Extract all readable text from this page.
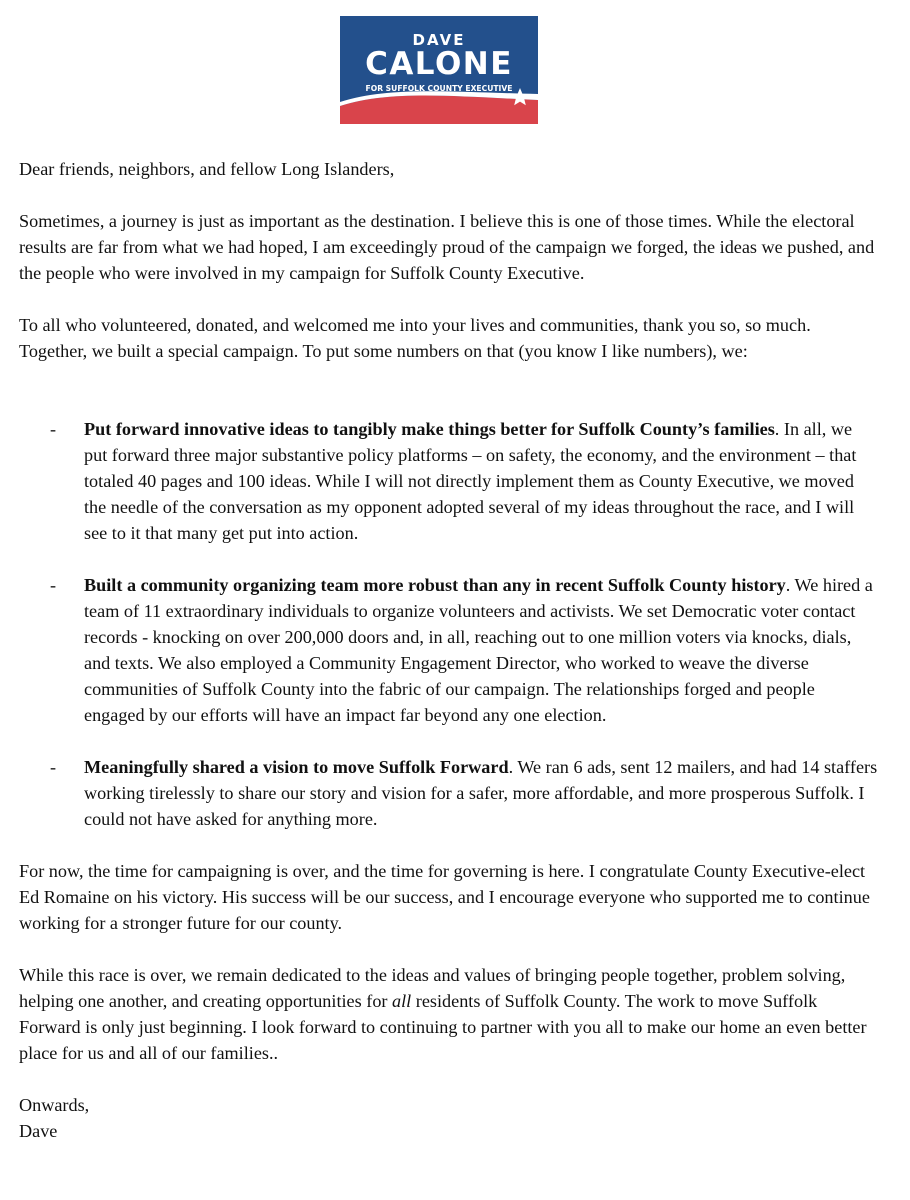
DAVE
CALONE
FOR SUFFOLK COUNTY EXECUTIVE

Dear friends, neighbors, and fellow Long Islanders,

Sometimes, a journey is just as important as the destination. I believe this is one of those times. While the electoral results are far from what we had hoped, I am exceedingly proud of the campaign we forged, the ideas we pushed, and the people who were involved in my campaign for Suffolk County Executive.

To all who volunteered, donated, and welcomed me into your lives and communities, thank you so, so much. Together, we built a special campaign. To put some numbers on that (you know I like numbers), we:

- Put forward innovative ideas to tangibly make things better for Suffolk County’s families. In all, we put forward three major substantive policy platforms – on safety, the economy, and the environment – that totaled 40 pages and 100 ideas. While I will not directly implement them as County Executive, we moved the needle of the conversation as my opponent adopted several of my ideas throughout the race, and I will see to it that many get put into action.
- Built a community organizing team more robust than any in recent Suffolk County history. We hired a team of 11 extraordinary individuals to organize volunteers and activists. We set Democratic voter contact records - knocking on over 200,000 doors and, in all, reaching out to one million voters via knocks, dials, and texts. We also employed a Community Engagement Director, who worked to weave the diverse communities of Suffolk County into the fabric of our campaign. The relationships forged and people engaged by our efforts will have an impact far beyond any one election.
- Meaningfully shared a vision to move Suffolk Forward. We ran 6 ads, sent 12 mailers, and had 14 staffers working tirelessly to share our story and vision for a safer, more affordable, and more prosperous Suffolk. I could not have asked for anything more.

For now, the time for campaigning is over, and the time for governing is here. I congratulate County Executive-elect Ed Romaine on his victory. His success will be our success, and I encourage everyone who supported me to continue working for a stronger future for our county.

While this race is over, we remain dedicated to the ideas and values of bringing people together, problem solving, helping one another, and creating opportunities for all residents of Suffolk County. The work to move Suffolk Forward is only just beginning. I look forward to continuing to partner with you all to make our home an even better place for us and all of our families..

Onwards,

Dave
